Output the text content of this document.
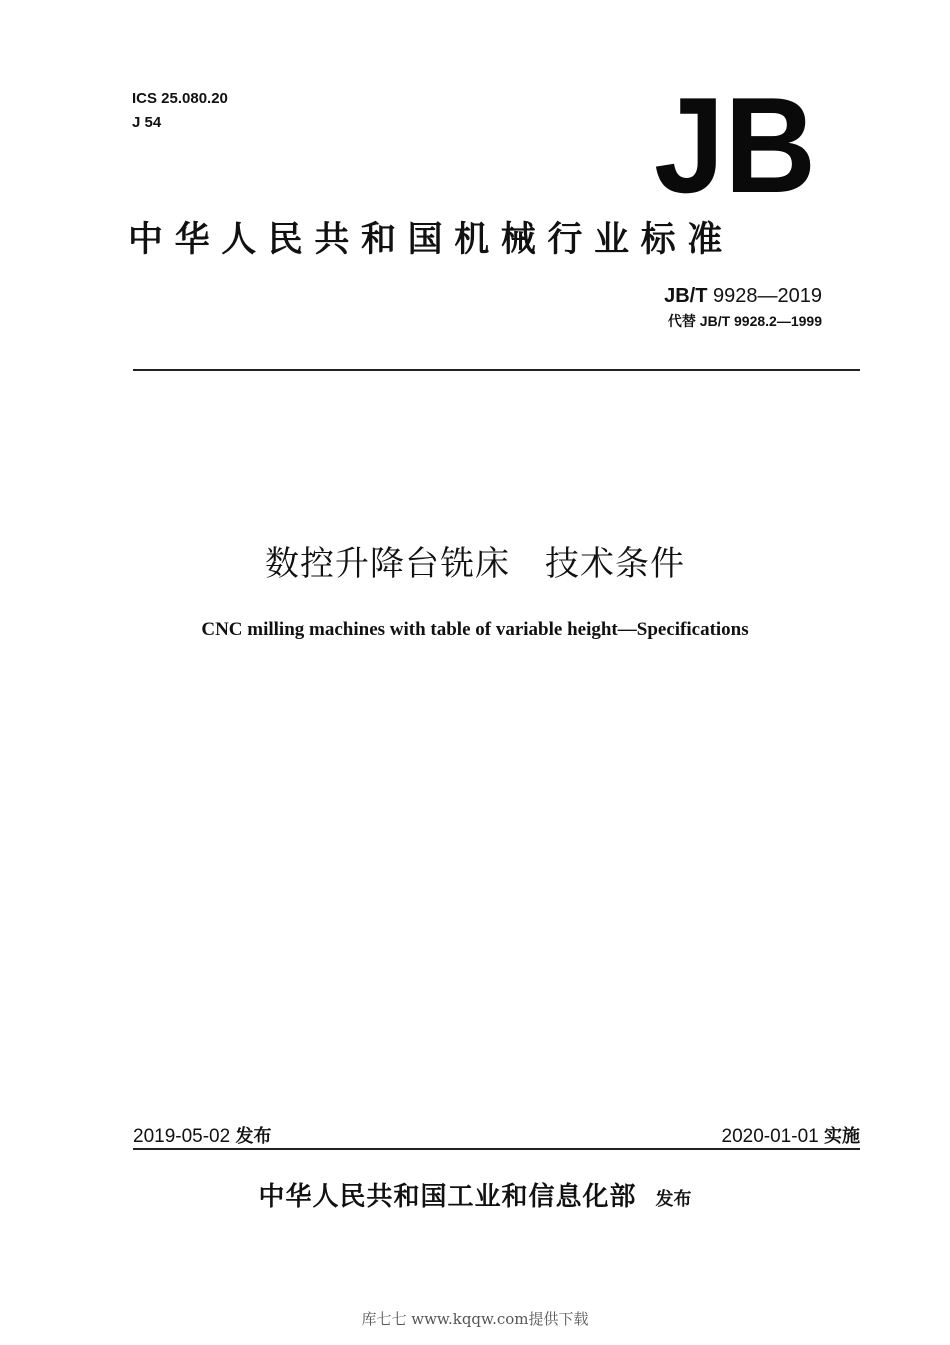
ICS 25.080.20
J 54	JB
中华人民共和国机械行业标准
JB/T 9928—2019
代替 JB/T 9928.2—1999
数控升降台铣床　技术条件
CNC milling machines with table of variable height—Specifications
2019-05-02 发布	2020-01-01 实施
中华人民共和国工业和信息化部 发布
库七七 www.kqqw.com提供下载
